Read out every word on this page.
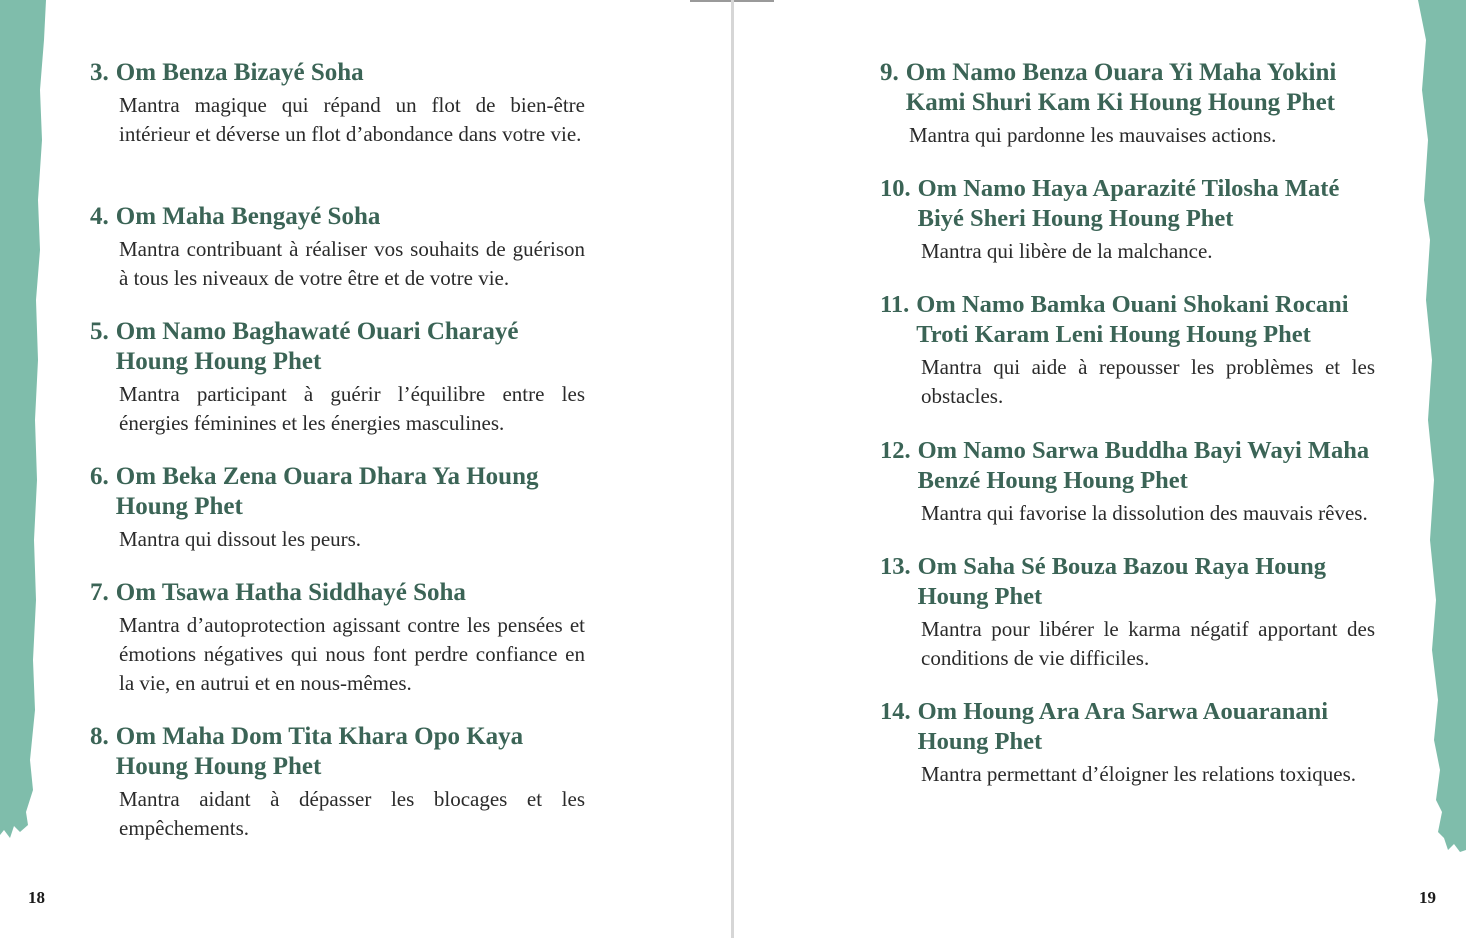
3. Om Benza Bizayé Soha

Mantra magique qui répand un flot de bien-être intérieur et déverse un flot d’abondance dans votre vie.

4. Om Maha Bengayé Soha

Mantra contribuant à réaliser vos souhaits de guérison à tous les niveaux de votre être et de votre vie.

5. Om Namo Baghawaté Ouari Charayé Houng Houng Phet

Mantra participant à guérir l’équilibre entre les énergies féminines et les énergies masculines.

6. Om Beka Zena Ouara Dhara Ya Houng Houng Phet

Mantra qui dissout les peurs.

7. Om Tsawa Hatha Siddhayé Soha

Mantra d’autoprotection agissant contre les pensées et émotions négatives qui nous font perdre confiance en la vie, en autrui et en nous-mêmes.

8. Om Maha Dom Tita Khara Opo Kaya Houng Houng Phet

Mantra aidant à dépasser les blocages et les empêchements.

18
9. Om Namo Benza Ouara Yi Maha Yokini Kami Shuri Kam Ki Houng Houng Phet

Mantra qui pardonne les mauvaises actions.

10. Om Namo Haya Aparazité Tilosha Maté Biyé Sheri Houng Houng Phet

Mantra qui libère de la malchance.

11. Om Namo Bamka Ouani Shokani Rocani Troti Karam Leni Houng Houng Phet

Mantra qui aide à repousser les problèmes et les obstacles.

12. Om Namo Sarwa Buddha Bayi Wayi Maha Benzé Houng Houng Phet

Mantra qui favorise la dissolution des mauvais rêves.

13. Om Saha Sé Bouza Bazou Raya Houng Houng Phet

Mantra pour libérer le karma négatif apportant des conditions de vie difficiles.

14. Om Houng Ara Ara Sarwa Aouaranani Houng Phet

Mantra permettant d’éloigner les relations toxiques.

19
